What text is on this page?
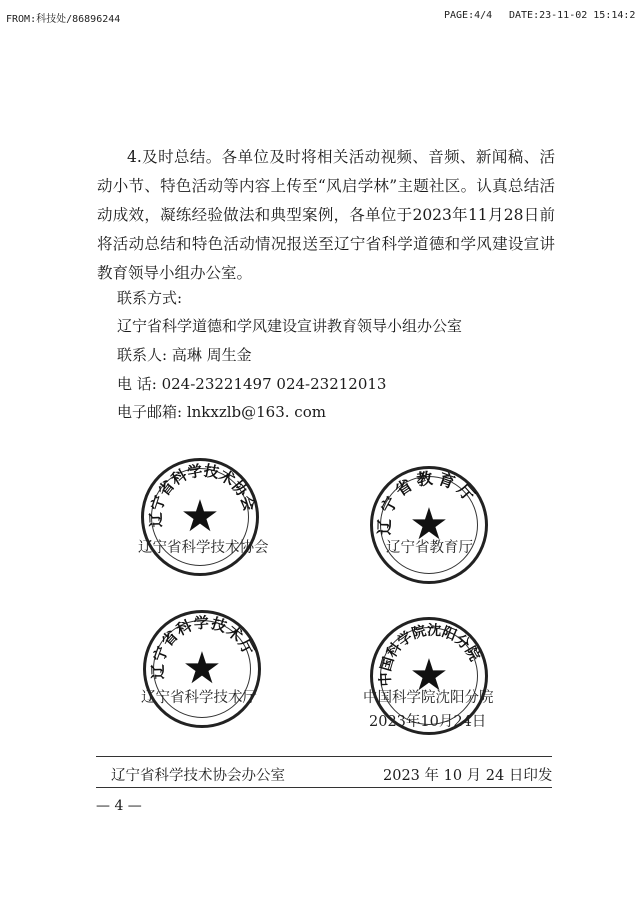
FROM:科技处/86896244	PAGE:4/4 DATE:23-11-02 15:14:2
4.及时总结。各单位及时将相关活动视频、音频、新闻稿、活动小节、特色活动等内容上传至“风启学林”主题社区。认真总结活动成效，凝练经验做法和典型案例，各单位于2023年11月28日前将活动总结和特色活动情况报送至辽宁省科学道德和学风建设宣讲教育领导小组办公室。
联系方式:
辽宁省科学道德和学风建设宣讲教育领导小组办公室
联系人: 高琳 周生金
电 话: 024-23221497 024-23212013
电子邮箱: lnkxzlb@163. com
辽宁省科学技术协会
★
辽宁省科学技术协会
辽宁省教育厅
★
辽宁省教育厅
辽宁省科学技术厅
★
辽宁省科学技术厅
中国科学院沈阳分院
★
中国科学院沈阳分院
2023年10月24日
辽宁省科学技术协会办公室	2023 年 10 月 24 日印发
— 4 —
